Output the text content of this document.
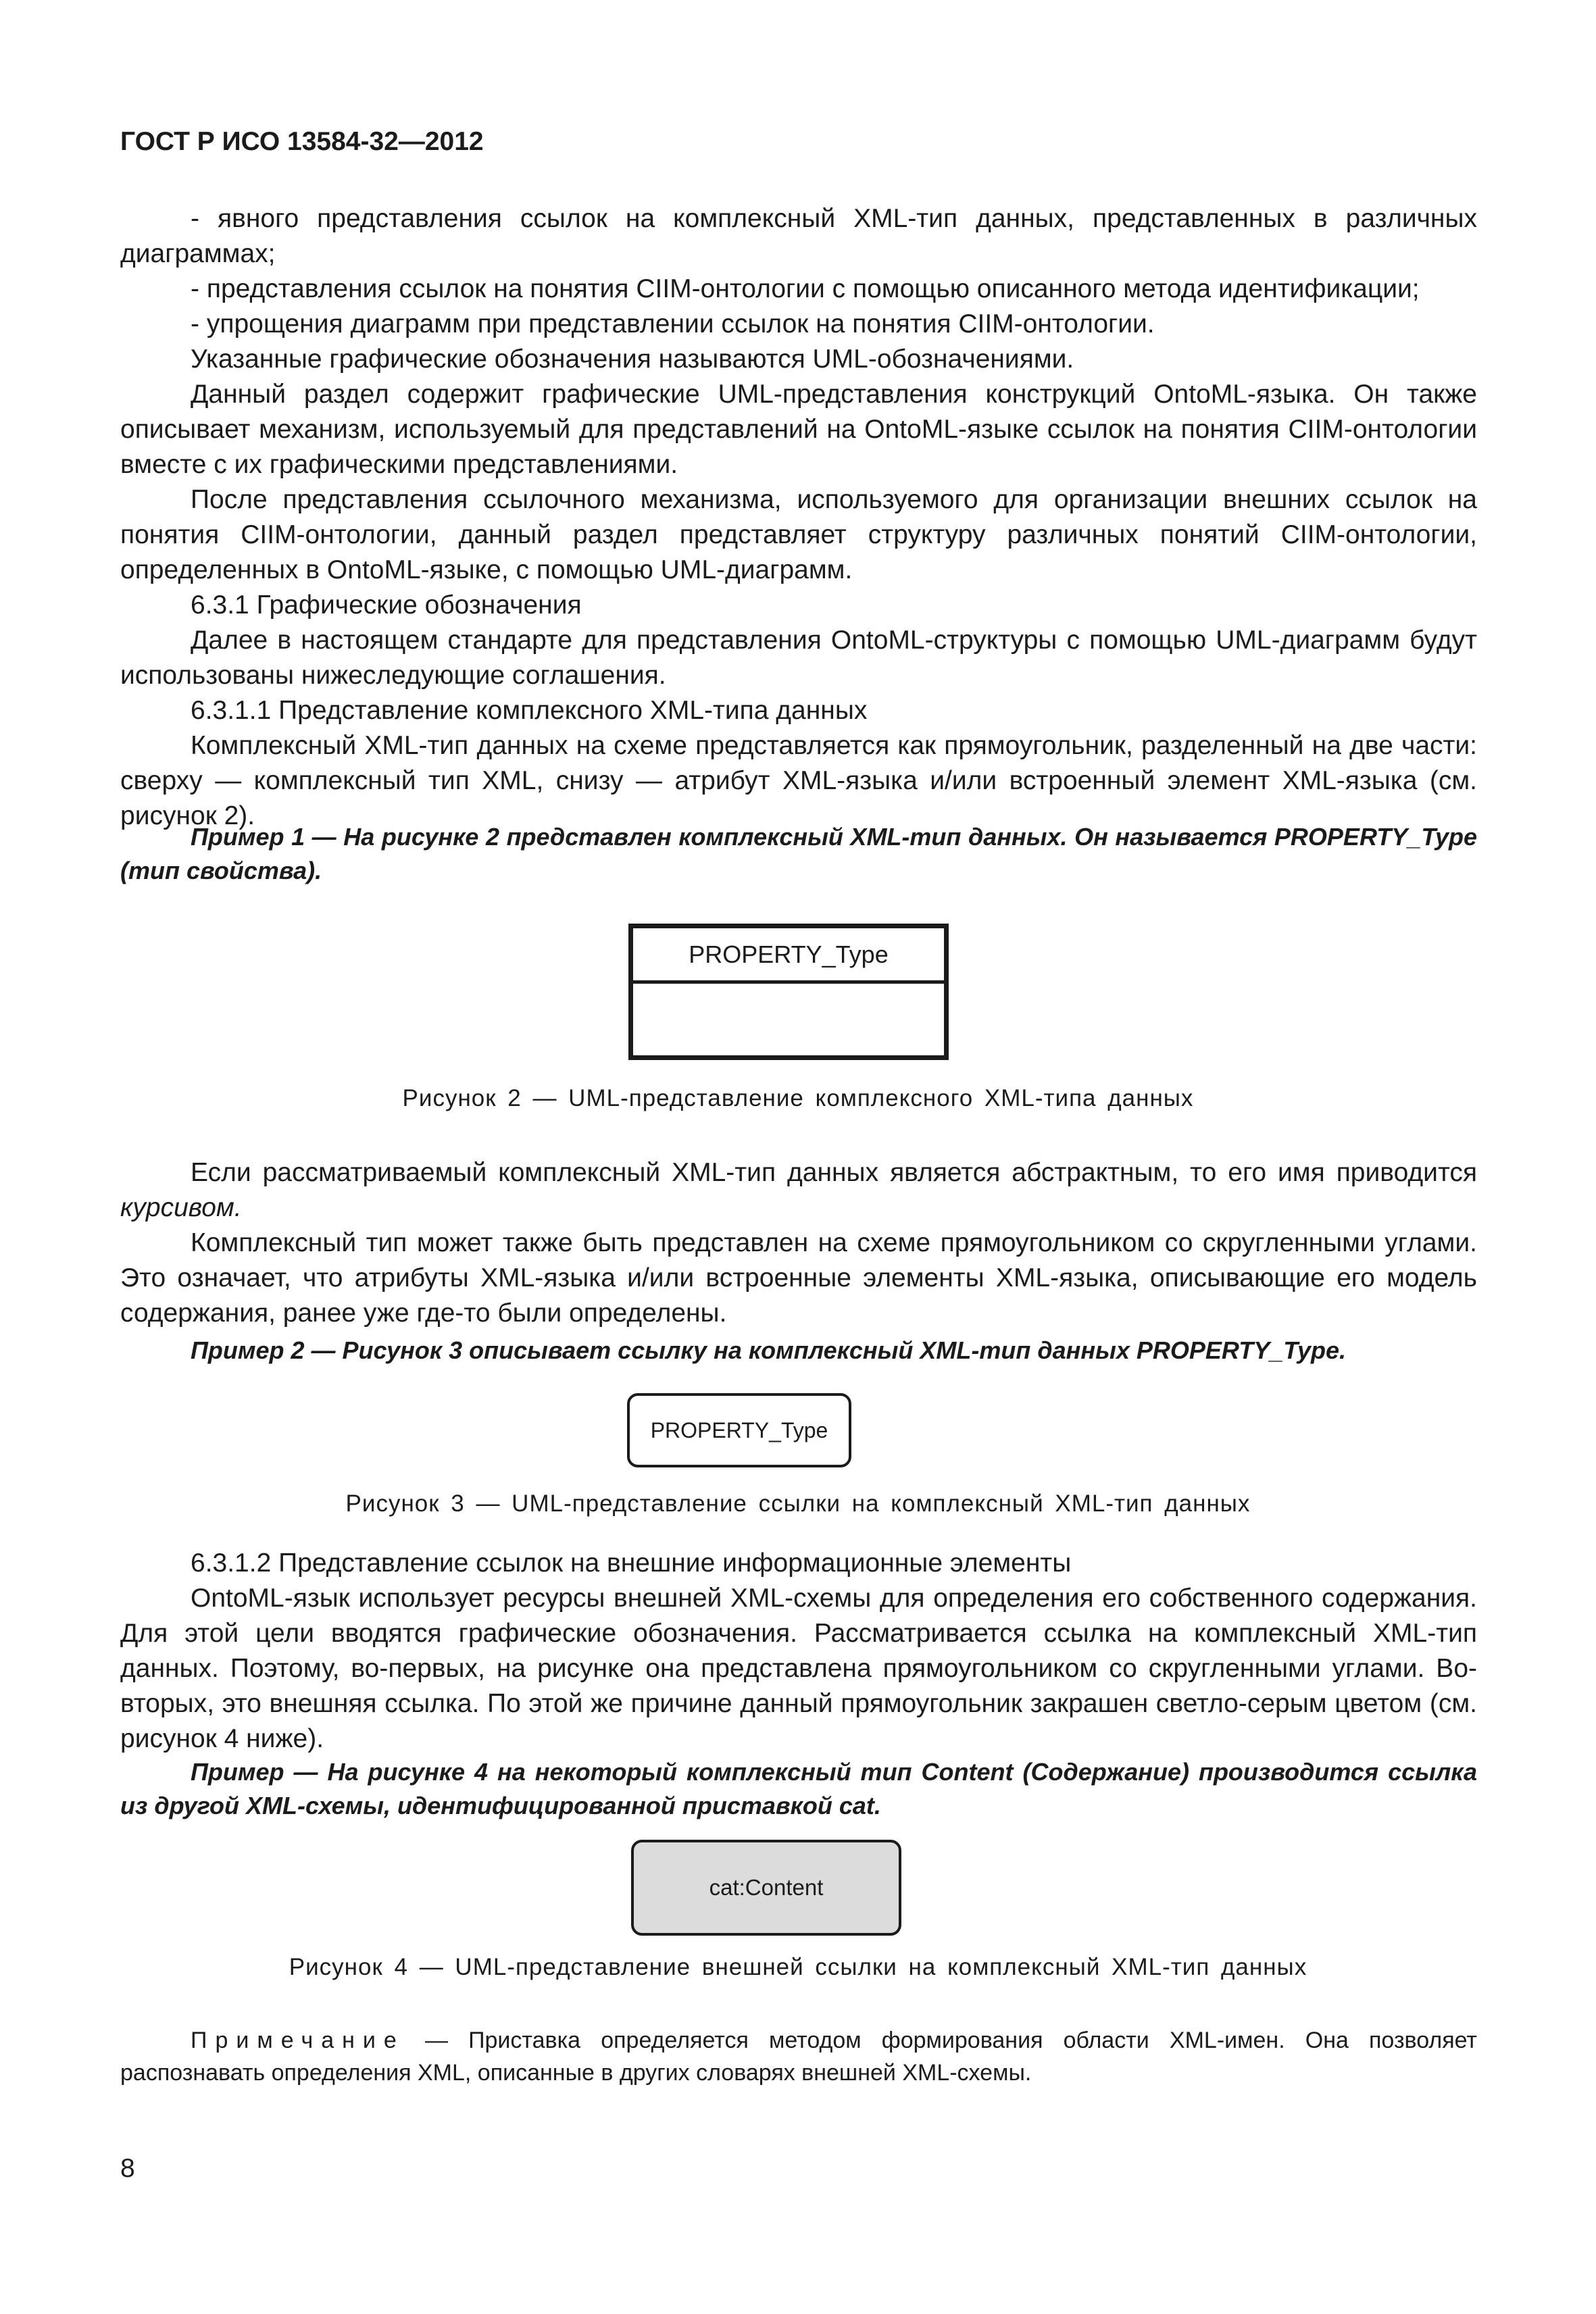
ГОСТ Р ИСО 13584-32—2012
- явного представления ссылок на комплексный XML-тип данных, представленных в различных диаграммах;
- представления ссылок на понятия CIIM-онтологии с помощью описанного метода идентификации;
- упрощения диаграмм при представлении ссылок на понятия CIIM-онтологии.
Указанные графические обозначения называются UML-обозначениями.
Данный раздел содержит графические UML-представления конструкций OntoML-языка. Он также описывает механизм, используемый для представлений на OntoML-языке ссылок на понятия CIIM-онтологии вместе с их графическими представлениями.
После представления ссылочного механизма, используемого для организации внешних ссылок на понятия CIIM-онтологии, данный раздел представляет структуру различных понятий CIIM-онтологии, определенных в OntoML-языке, с помощью UML-диаграмм.
6.3.1 Графические обозначения
Далее в настоящем стандарте для представления OntoML-структуры с помощью UML-диаграмм будут использованы нижеследующие соглашения.
6.3.1.1 Представление комплексного XML-типа данных
Комплексный XML-тип данных на схеме представляется как прямоугольник, разделенный на две части: сверху — комплексный тип XML, снизу — атрибут XML-языка и/или встроенный элемент XML-языка (см. рисунок 2).
Пример 1 — На рисунке 2 представлен комплексный XML-тип данных. Он называется PROPERTY_Type (тип свойства).
PROPERTY_Type
Рисунок 2 — UML-представление комплексного XML-типа данных
Если рассматриваемый комплексный XML-тип данных является абстрактным, то его имя приводится курсивом.
Комплексный тип может также быть представлен на схеме прямоугольником со скругленными углами. Это означает, что атрибуты XML-языка и/или встроенные элементы XML-языка, описывающие его модель содержания, ранее уже где-то были определены.
Пример 2 — Рисунок 3 описывает ссылку на комплексный XML-тип данных PROPERTY_Type.
PROPERTY_Type
Рисунок 3 — UML-представление ссылки на комплексный XML-тип данных
6.3.1.2 Представление ссылок на внешние информационные элементы
OntoML-язык использует ресурсы внешней XML-схемы для определения его собственного содержания. Для этой цели вводятся графические обозначения. Рассматривается ссылка на комплексный XML-тип данных. Поэтому, во-первых, на рисунке она представлена прямоугольником со скругленными углами. Во-вторых, это внешняя ссылка. По этой же причине данный прямоугольник закрашен светло-серым цветом (см. рисунок 4 ниже).
Пример — На рисунке 4 на некоторый комплексный тип Content (Содержание) производится ссылка из другой XML-схемы, идентифицированной приставкой cat.
cat:Content
Рисунок 4 — UML-представление внешней ссылки на комплексный XML-тип данных
Примечание — Приставка определяется методом формирования области XML-имен. Она позволяет распознавать определения XML, описанные в других словарях внешней XML-схемы.
8
